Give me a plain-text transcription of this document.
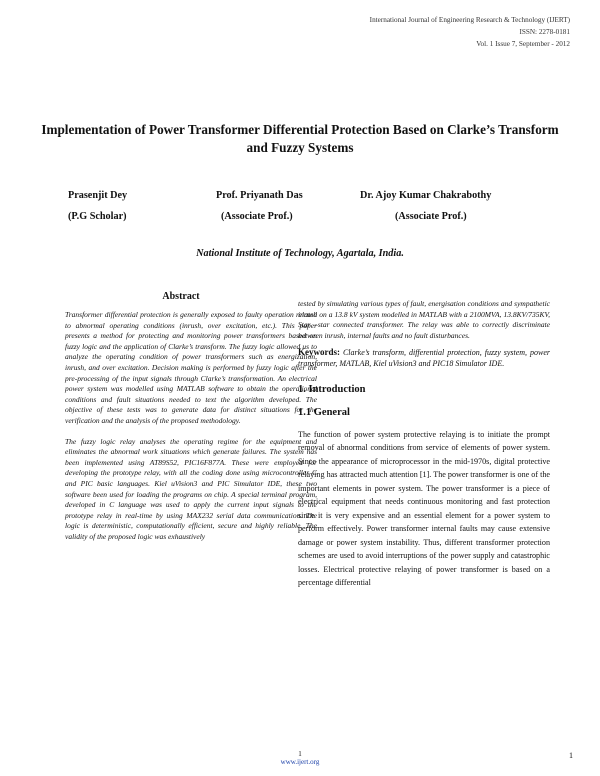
International Journal of Engineering Research & Technology (IJERT)
ISSN: 2278-0181
Vol. 1 Issue 7, September - 2012
Implementation of Power Transformer Differential Protection Based on Clarke’s Transform and Fuzzy Systems
Prasenjit Dey	Prof. Priyanath Das	Dr. Ajoy Kumar Chakrabothy
(P.G Scholar)	(Associate Prof.)	(Associate Prof.)
National Institute of Technology, Agartala, India.
Abstract

Transformer differential protection is generally exposed to faulty operation related to abnormal operating conditions (inrush, over excitation, etc.). This paper presents a method for protecting and monitoring power transformers based on fuzzy logic and the application of Clarke’s transform. The fuzzy logic allowed us to analyze the operating condition of power transformers such as energization, inrush, and over excitation. Decision making is performed by fuzzy logic after the pre-processing of the input signals through Clarke’s transformation. An electrical power system was modelled using MATLAB software to obtain the operational conditions and fault situations needed to text the algorithm developed. The objective of these tests was to generate data for distinct situations for the verification and the analysis of the proposed methodology.

The fuzzy logic relay analyses the operating regime for the equipment and eliminates the abnormal work situations which generate failures. The system has been implemented using AT89S52, PIC16F877A. These were employed for developing the prototype relay, with all the coding done using microcontroller C and PIC basic languages. Kiel uVision3 and PIC Simulator IDE, these two software been used for loading the programs on chip. A special terminal program, developed in C language was used to apply the current input signals to the prototype relay in real-time by using MAX232 serial data communication. The logic is deterministic, computationally efficient, secure and highly reliable. The validity of the proposed logic was exhaustively

tested by simulating various types of fault, energisation conditions and sympathetic inrush on a 13.8 kV system modelled in MATLAB with a 2100MVA, 13.8KV/735KV, Star –star connected transformer. The relay was able to correctly discriminate between inrush, internal faults and no fault disturbances.

Keywords: Clarke’s transform, differential protection, fuzzy system, power transformer, MATLAB, Kiel uVision3 and PIC18 Simulator IDE.

1. Introduction
1.1 General

The function of power system protective relaying is to initiate the prompt removal of abnormal conditions from service of elements of power system. Since the appearance of microprocessor in the mid-1970s, digital protective relaying has attracted much attention [1]. The power transformer is one of the important elements in power system. The power transformer is a piece of electrical equipment that needs continuous monitoring and fast protection since it is very expensive and an essential element for a power system to perform effectively. Power transformer internal faults may cause extensive damage or power system instability. Thus, different transformer protection schemes are used to avoid interruptions of the power supply and catastrophic losses. Electrical protective relaying of power transformer is based on a percentage differential

1
www.ijert.org
1
